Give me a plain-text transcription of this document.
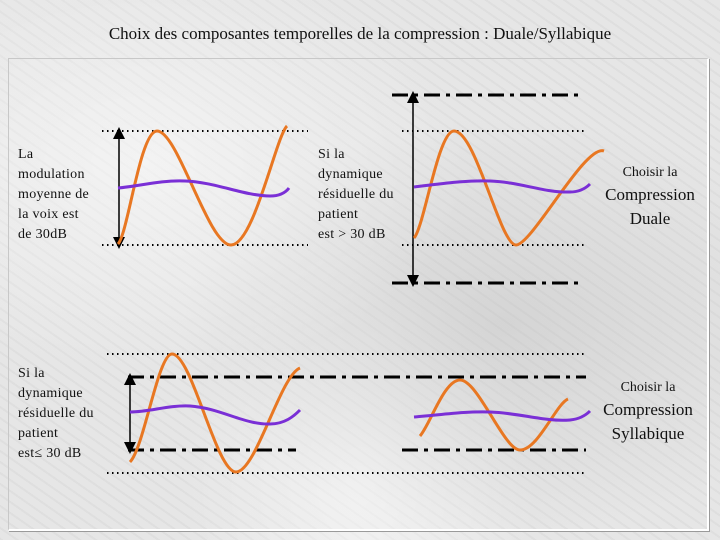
Choix des composantes temporelles de la compression : Duale/Syllabique
La
modulation
moyenne de
la voix est
de 30dB
Si la
dynamique
résiduelle du
patient
est > 30 dB
Si la
dynamique
résiduelle du
patient
est≤ 30 dB
Choisir la
Compression
Duale
Choisir la
Compression
Syllabique
